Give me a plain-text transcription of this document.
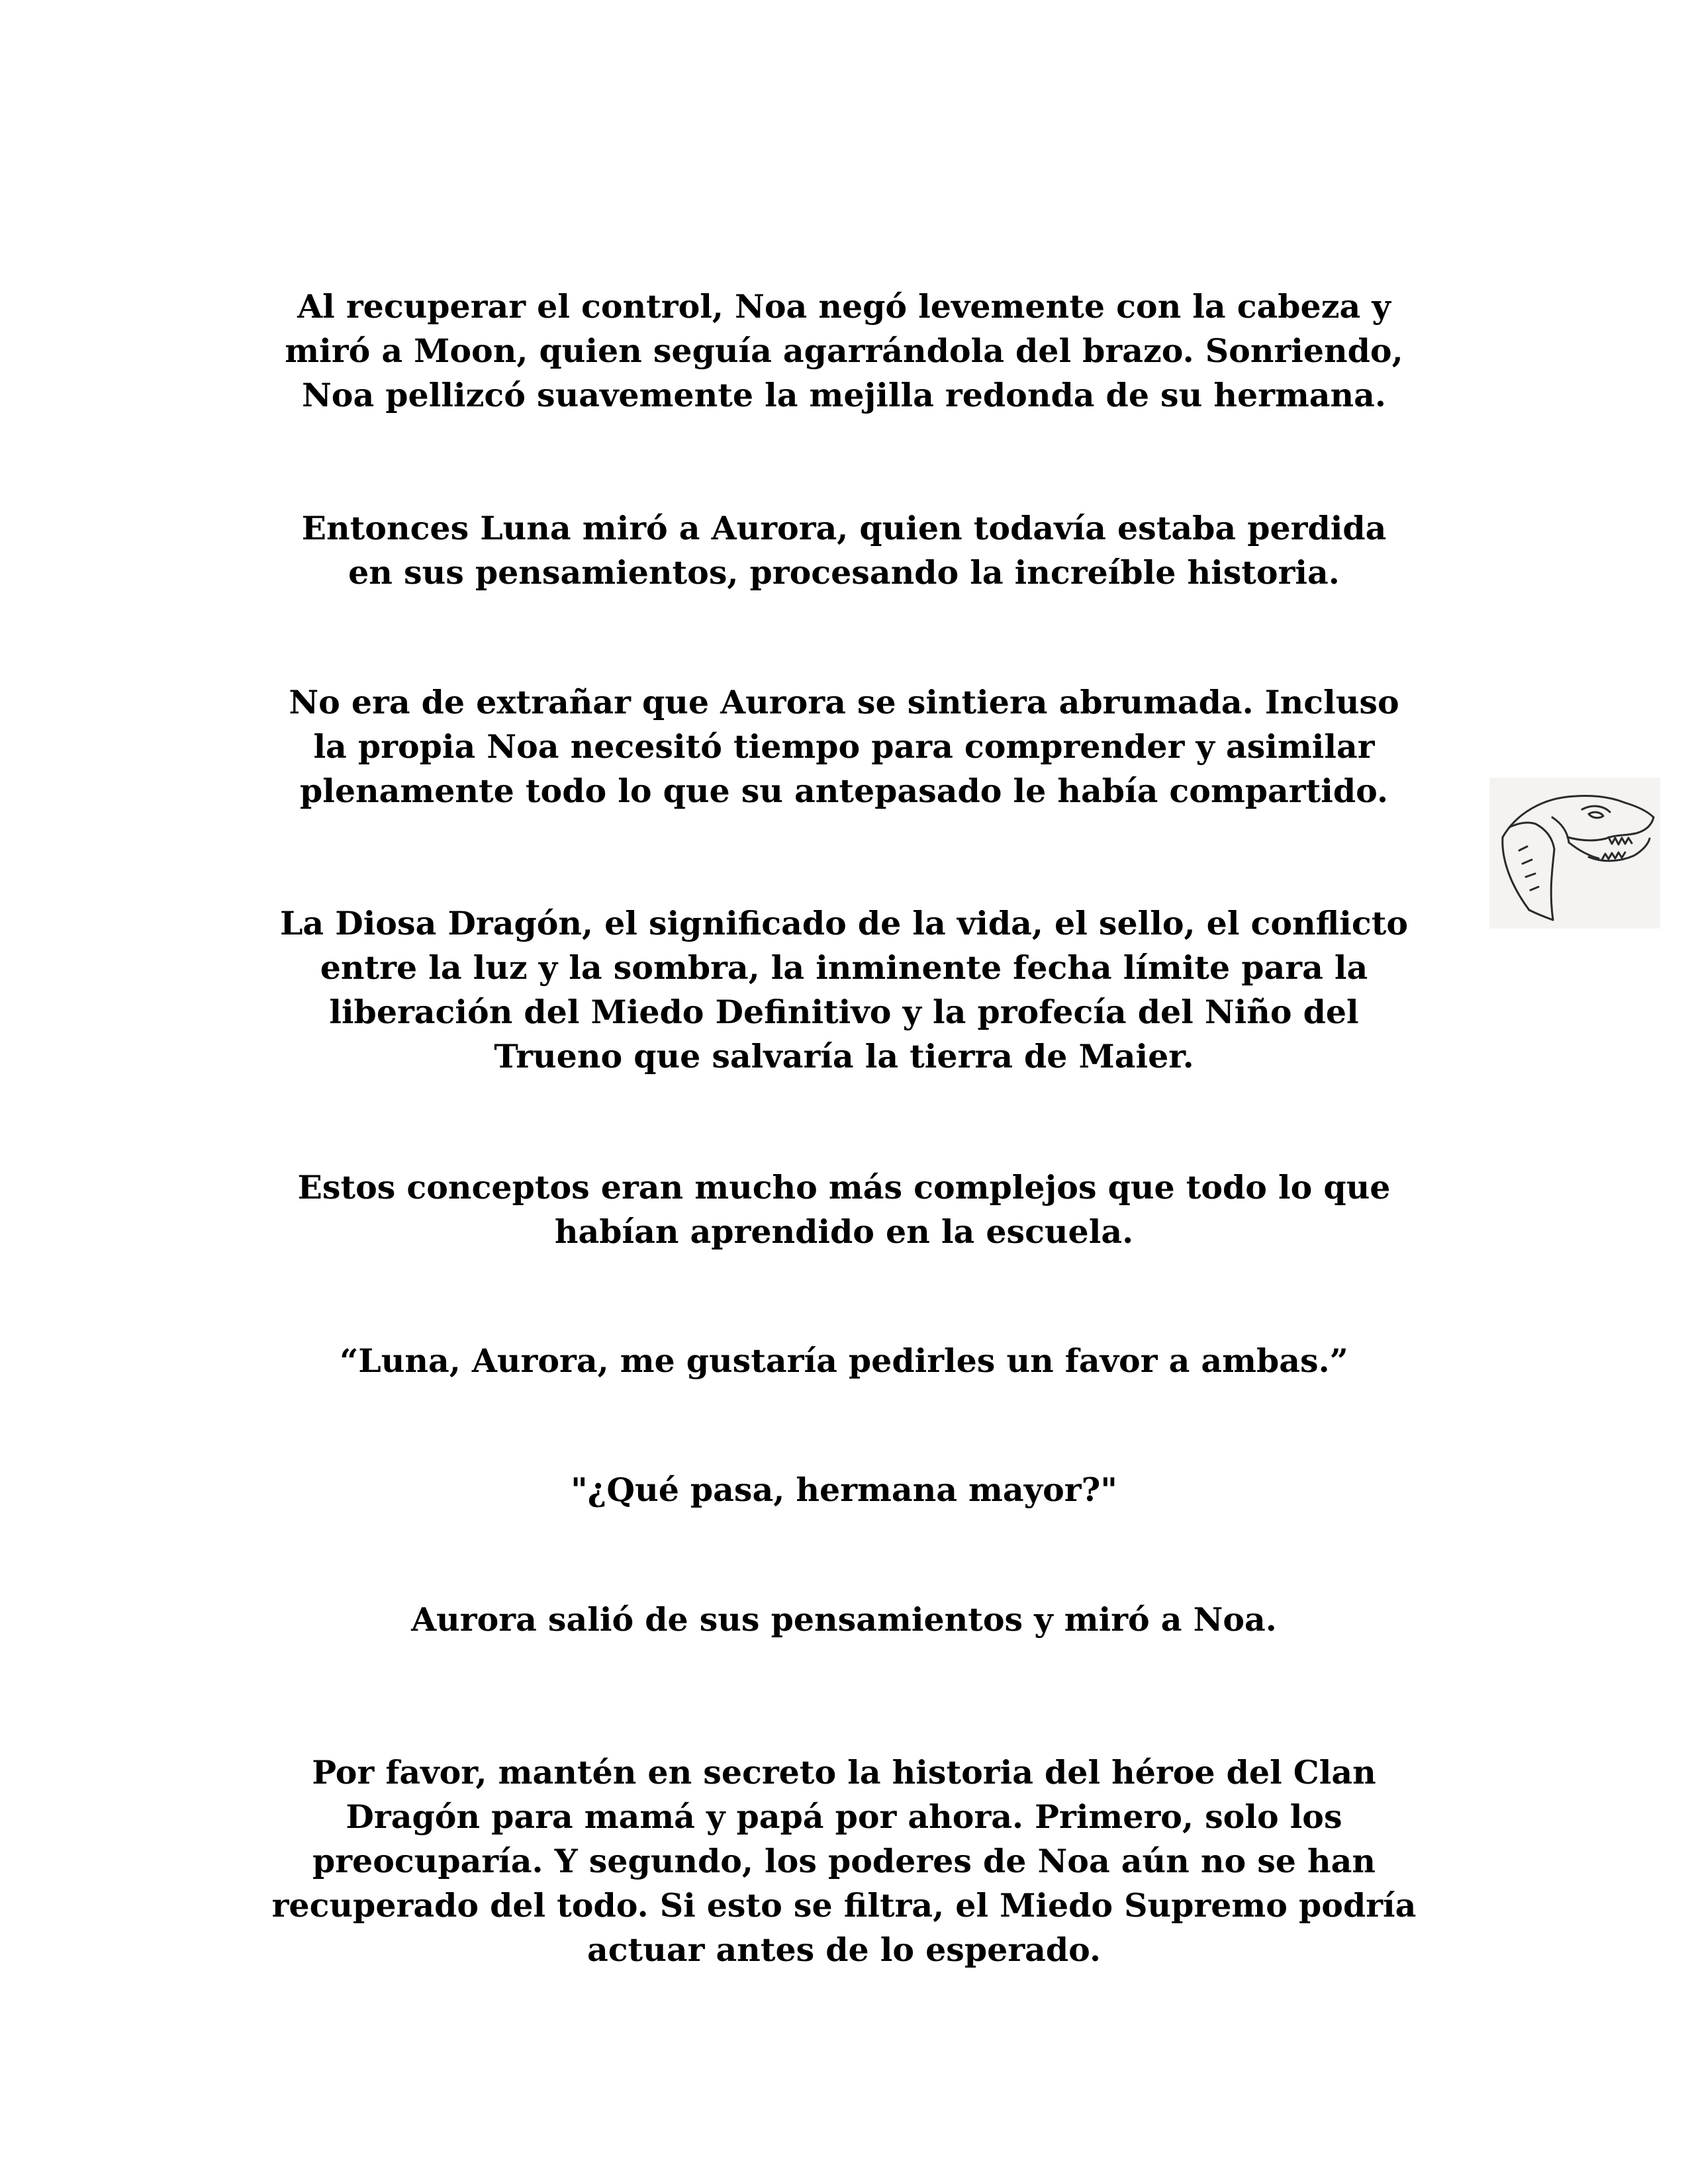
Al recuperar el control, Noa negó levemente con la cabeza y
miró a Moon, quien seguía agarrándola del brazo. Sonriendo,
Noa pellizcó suavemente la mejilla redonda de su hermana.

Entonces Luna miró a Aurora, quien todavía estaba perdida
en sus pensamientos, procesando la increíble historia.

No era de extrañar que Aurora se sintiera abrumada. Incluso
la propia Noa necesitó tiempo para comprender y asimilar
plenamente todo lo que su antepasado le había compartido.

La Diosa Dragón, el significado de la vida, el sello, el conflicto
entre la luz y la sombra, la inminente fecha límite para la
liberación del Miedo Definitivo y la profecía del Niño del
Trueno que salvaría la tierra de Maier.

Estos conceptos eran mucho más complejos que todo lo que
habían aprendido en la escuela.

“Luna, Aurora, me gustaría pedirles un favor a ambas.”

"¿Qué pasa, hermana mayor?"

Aurora salió de sus pensamientos y miró a Noa.

Por favor, mantén en secreto la historia del héroe del Clan
Dragón para mamá y papá por ahora. Primero, solo los
preocuparía. Y segundo, los poderes de Noa aún no se han
recuperado del todo. Si esto se filtra, el Miedo Supremo podría
actuar antes de lo esperado.
